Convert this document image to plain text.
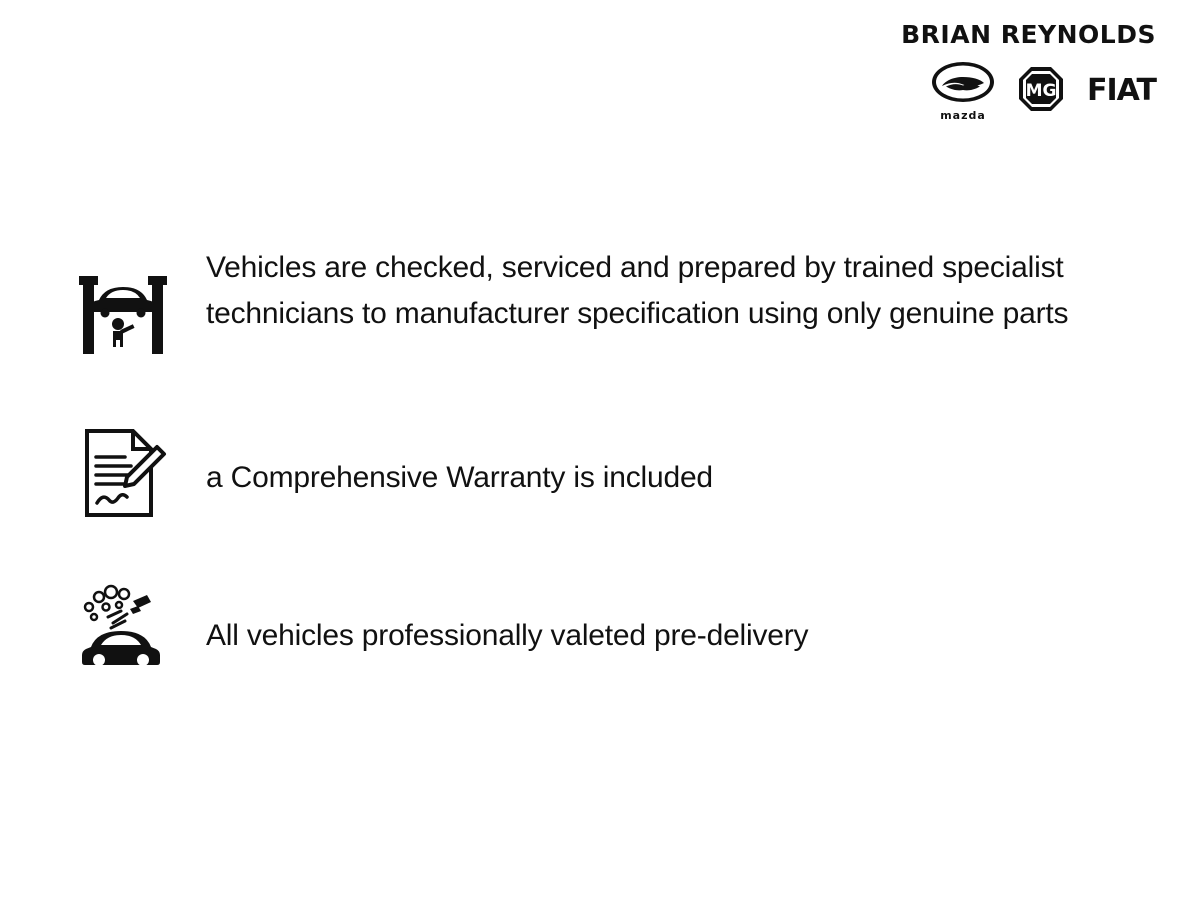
BRIAN REYNOLDS
mazda
MG FIAT
Vehicles are checked, serviced and prepared by trained specialist technicians to manufacturer specification using only genuine parts
a Comprehensive Warranty is included
All vehicles professionally valeted pre-delivery
